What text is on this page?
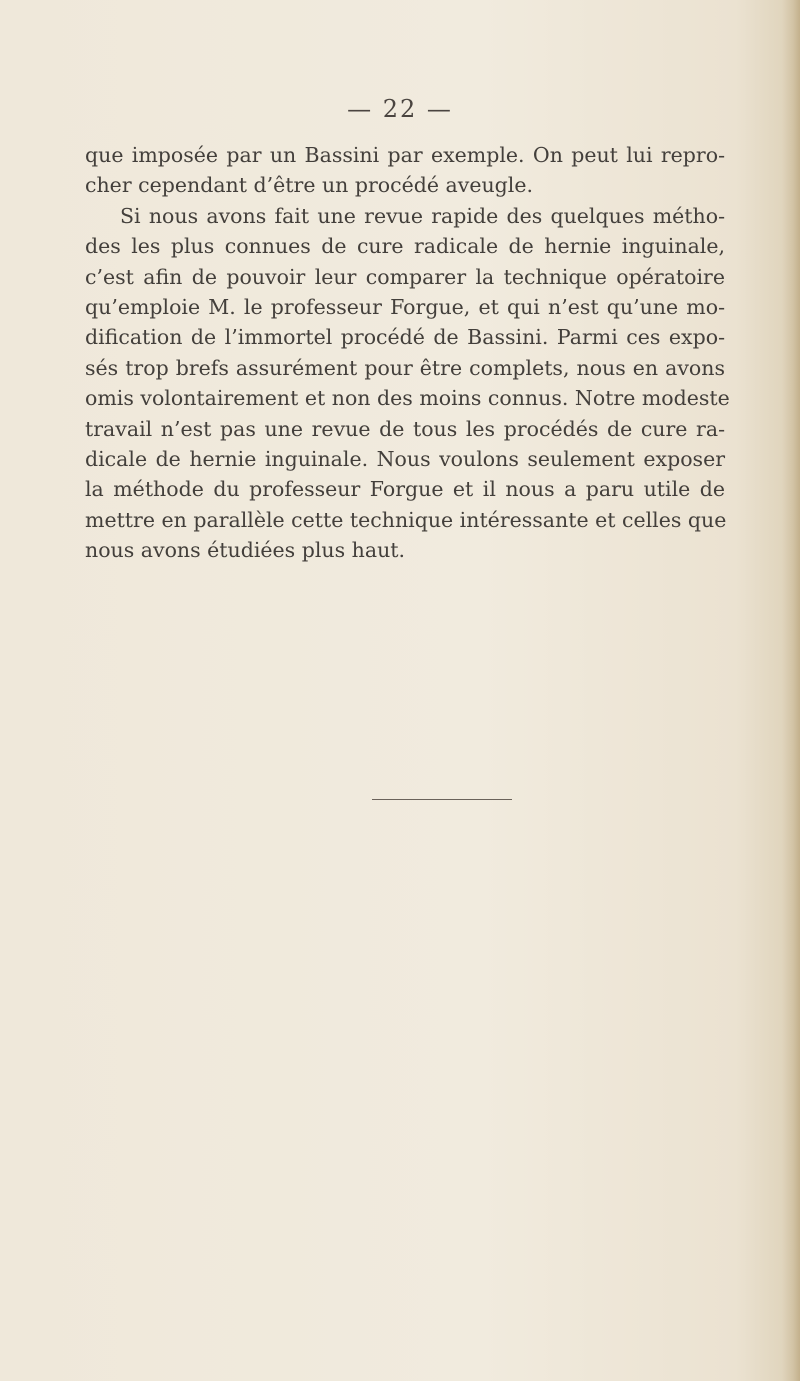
— 22 —
que imposée par un Bassini par exemple. On peut lui repro-
cher cependant d’être un procédé aveugle.
Si nous avons fait une revue rapide des quelques métho-
des les plus connues de cure radicale de hernie inguinale,
c’est afin de pouvoir leur comparer la technique opératoire
qu’emploie M. le professeur Forgue, et qui n’est qu’une mo-
dification de l’immortel procédé de Bassini. Parmi ces expo-
sés trop brefs assurément pour être complets, nous en avons
omis volontairement et non des moins connus. Notre modeste
travail n’est pas une revue de tous les procédés de cure ra-
dicale de hernie inguinale. Nous voulons seulement exposer
la méthode du professeur Forgue et il nous a paru utile de
mettre en parallèle cette technique intéressante et celles que
nous avons étudiées plus haut.
